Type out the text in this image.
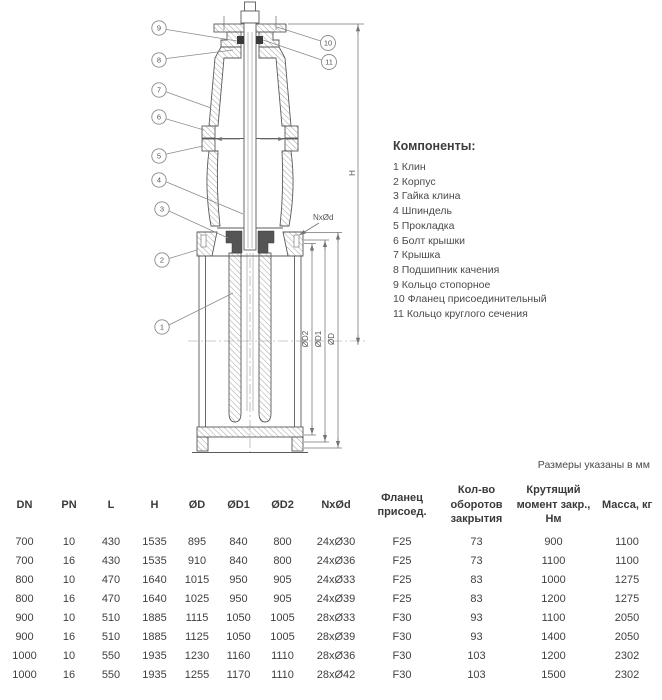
H
ØD
ØD1
ØD2
NxØd
9
8
7
6
5
4
3
2
1
10
11
Компоненты:
1 Клин
2 Корпус
3 Гайка клина
4 Шпиндель
5 Прокладка
6 Болт крышки
7 Крышка
8 Подшипник качения
9 Кольцо стопорное
10 Фланец присоединительный
11 Кольцо круглого сечения
Размеры указаны в мм
DN	PN	L	H	ØD	ØD1	ØD2	NxØd	Фланец присоед.	Кол-во оборотов закрытия	Крутящий момент закр., Нм	Масса, кг
700	10	430	1535	895	840	800	24xØ30	F25	73	900	1100
700	16	430	1535	910	840	800	24xØ36	F25	73	1100	1100
800	10	470	1640	1015	950	905	24xØ33	F25	83	1000	1275
800	16	470	1640	1025	950	905	24xØ39	F25	83	1200	1275
900	10	510	1885	1115	1050	1005	28xØ33	F30	93	1100	2050
900	16	510	1885	1125	1050	1005	28xØ39	F30	93	1400	2050
1000	10	550	1935	1230	1160	1110	28xØ36	F30	103	1200	2302
1000	16	550	1935	1255	1170	1110	28xØ42	F30	103	1500	2302
